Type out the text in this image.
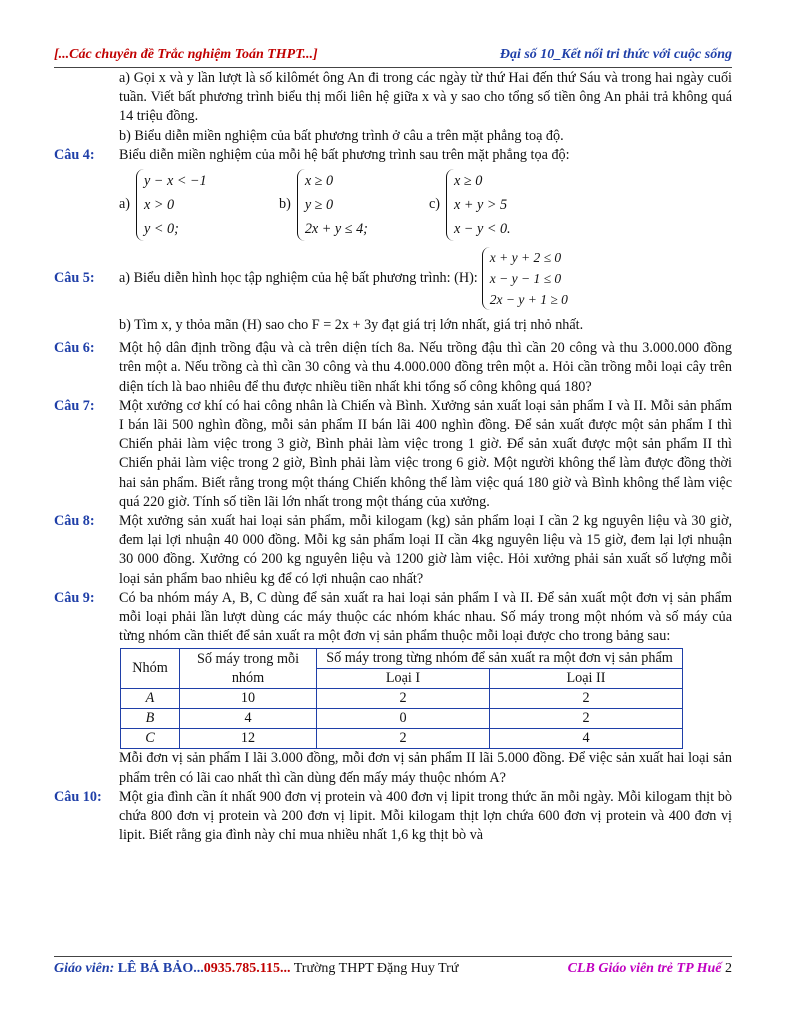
[...Các chuyên đề Trắc nghiệm Toán THPT...]	Đại số 10_Kết nối tri thức với cuộc sống
a) Gọi x và y lần lượt là số kilômét ông An đi trong các ngày từ thứ Hai đến thứ Sáu và trong hai ngày cuối tuần. Viết bất phương trình biểu thị mối liên hệ giữa x và y sao cho tổng số tiền ông An phải trả không quá 14 triệu đồng.
b) Biểu diễn miền nghiệm của bất phương trình ở câu a trên mặt phẳng toạ độ.
Câu 4: Biểu diễn miền nghiệm của mỗi hệ bất phương trình sau trên mặt phẳng tọa độ:
a)
y − x < −1
x > 0
y < 0;
b)
x ≥ 0
y ≥ 0
2x + y ≤ 4;
c)
x ≥ 0
x + y > 5
x − y < 0.
Câu 5: a) Biểu diễn hình học tập nghiệm của hệ bất phương trình: (H):
x + y + 2 ≤ 0
x − y − 1 ≤ 0
2x − y + 1 ≥ 0
b) Tìm x, y thỏa mãn (H) sao cho F = 2x + 3y đạt giá trị lớn nhất, giá trị nhỏ nhất.
Câu 6: Một hộ dân định trồng đậu và cà trên diện tích 8a. Nếu trồng đậu thì cần 20 công và thu 3.000.000 đồng trên một a. Nếu trồng cà thì cần 30 công và thu 4.000.000 đồng trên một a. Hỏi cần trồng mỗi loại cây trên diện tích là bao nhiêu để thu được nhiều tiền nhất khi tổng số công không quá 180?
Câu 7: Một xưởng cơ khí có hai công nhân là Chiến và Bình. Xưởng sản xuất loại sản phẩm I và II. Mỗi sản phẩm I bán lãi 500 nghìn đồng, mỗi sản phẩm II bán lãi 400 nghìn đồng. Để sản xuất được một sản phẩm I thì Chiến phải làm việc trong 3 giờ, Bình phải làm việc trong 1 giờ. Để sản xuất được một sản phẩm II thì Chiến phải làm việc trong 2 giờ, Bình phải làm việc trong 6 giờ. Một người không thể làm được đồng thời hai sản phẩm. Biết rằng trong một tháng Chiến không thể làm việc quá 180 giờ và Bình không thể làm việc quá 220 giờ. Tính số tiền lãi lớn nhất trong một tháng của xưởng.
Câu 8: Một xưởng sản xuất hai loại sản phẩm, mỗi kilogam (kg) sản phẩm loại I cần 2 kg nguyên liệu và 30 giờ, đem lại lợi nhuận 40 000 đồng. Mỗi kg sản phẩm loại II cần 4kg nguyên liệu và 15 giờ, đem lại lợi nhuận 30 000 đồng. Xưởng có 200 kg nguyên liệu và 1200 giờ làm việc. Hỏi xưởng phải sản xuất số lượng mỗi loại sản phẩm bao nhiêu kg để có lợi nhuận cao nhất?
Câu 9: Có ba nhóm máy A, B, C dùng để sản xuất ra hai loại sản phẩm I và II. Để sản xuất một đơn vị sản phẩm mỗi loại phải lần lượt dùng các máy thuộc các nhóm khác nhau. Số máy trong một nhóm và số máy của từng nhóm cần thiết để sản xuất ra một đơn vị sản phẩm thuộc mỗi loại được cho trong bảng sau:
Nhóm	Số máy trong mỗi nhóm	Số máy trong từng nhóm để sản xuất ra một đơn vị sản phẩm	
		Loại I	Loại II
A	10	2	2
B	4	0	2
C	12	2	4
Mỗi đơn vị sản phẩm I lãi 3.000 đồng, mỗi đơn vị sản phẩm II lãi 5.000 đồng. Để việc sản xuất hai loại sản phẩm trên có lãi cao nhất thì cần dùng đến mấy máy thuộc nhóm A?
Câu 10: Một gia đình cần ít nhất 900 đơn vị protein và 400 đơn vị lipit trong thức ăn mỗi ngày. Mỗi kilogam thịt bò chứa 800 đơn vị protein và 200 đơn vị lipit. Mỗi kilogam thịt lợn chứa 600 đơn vị protein và 400 đơn vị lipit. Biết rằng gia đình này chỉ mua nhiều nhất 1,6 kg thịt bò và
Giáo viên: LÊ BÁ BẢO...0935.785.115... Trường THPT Đặng Huy Trứ	CLB Giáo viên trẻ TP Huế 2
